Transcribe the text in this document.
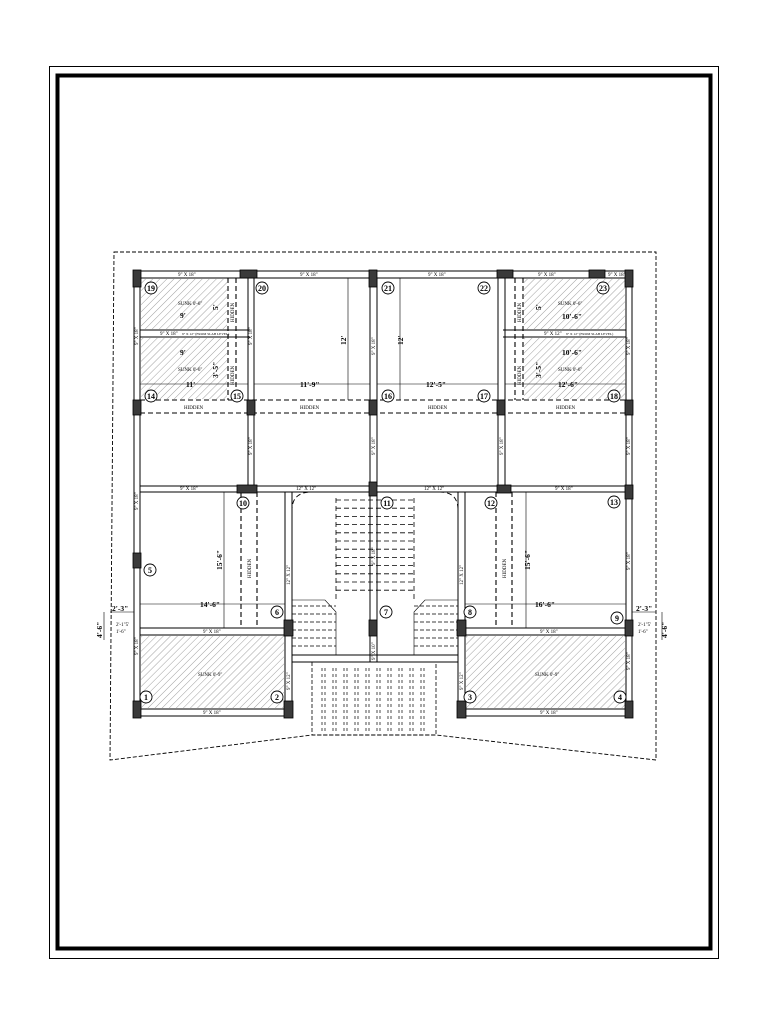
1	2	3	4
5
6	7	8
9
10	11	12	13
14	15	16	17	18
19	20	21	22	23
9" X 18"	9" X 18"	9" X 18"	9" X 18"	9" X 18"
9" X 18" 9" X 12" (FROM SLAB LEVEL)	9" X 12" 9" X 12" (FROM SLAB LEVEL)
9" X 18"	12" X 12"	12" X 12"	9" X 18"
9" X 18"	9" X 18"
9" X 18"	9" X 18"
9" X 18"
9" X 18"
9" X 18"
9" X 18"
9" X 18"
9" X 18"
9" X 18"
9" X 18"
9" X 18"
9" X 18"
9" X 18"
9" X 18"
9" X 18"
12" X 12"
9" X 12"
12" X 12"
9" X 12"
9" X 10"
HIDDEN
HIDDEN
HIDDEN
HIDDEN
HIDDEN	HIDDEN
HIDDEN	HIDDEN	HIDDEN	HIDDEN
SUNK 0'-6"
SUNK 0'-6"
SUNK 0'-6"
SUNK 0'-6"
SUNK 0'-9"	SUNK 0'-9"
9'
9'
11'	11'-9"	12'-5"	12'-6"
10'-6"
10'-6"
5'
3'-5"
5'
3'-5"
12'	12'
14'-6"	16'-6"
15'-6"	15'-6"
2'-3"	2'-3"
4'-6"	4'-6"
2'-1"5'
1'-6"
2'-1"5'
1'-6"
